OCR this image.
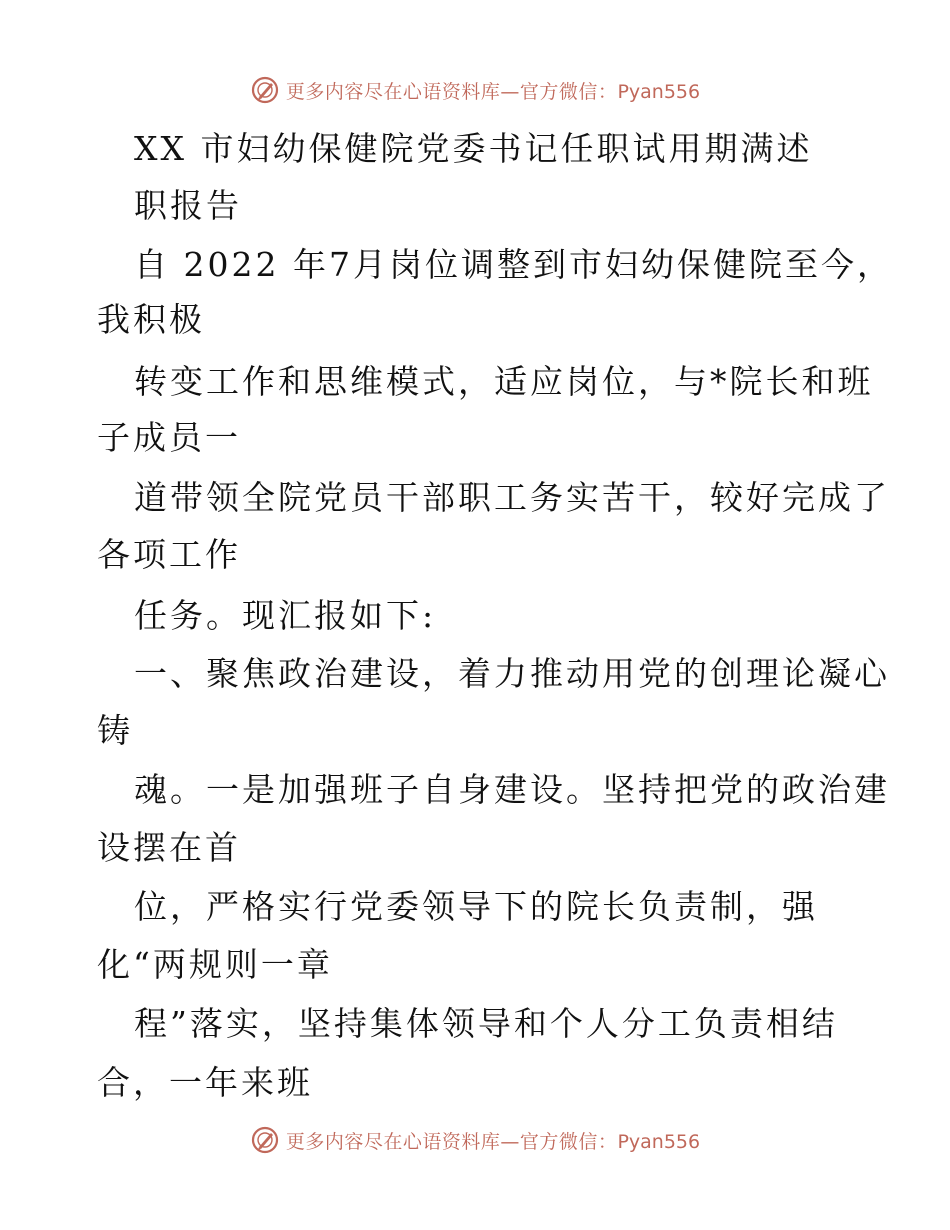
更多内容尽在心语资料库—官方微信：Pyan556
XX 市妇幼保健院党委书记任职试用期满述
职报告
自 2022 年7月岗位调整到市妇幼保健院至今，
我积极
转变工作和思维模式，适应岗位，与*院长和班
子成员一
道带领全院党员干部职工务实苦干，较好完成了
各项工作
任务。现汇报如下:
一、聚焦政治建设，着力推动用党的创理论凝心
铸
魂。一是加强班子自身建设。坚持把党的政治建
设摆在首
位，严格实行党委领导下的院长负责制，强
化“两规则一章
程”落实，坚持集体领导和个人分工负责相结
合，一年来班
更多内容尽在心语资料库—官方微信：Pyan556
